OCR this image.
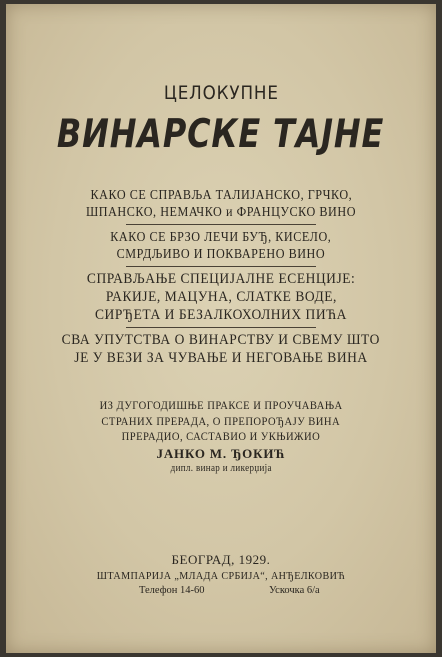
ЦЕЛОКУПНЕ
ВИНАРСКЕ ТАЈНЕ
КАКО СЕ СПРАВЉА ТАЛИЈАНСКО, ГРЧКО,
ШПАНСКО, НЕМАЧКО и ФРАНЦУСКО ВИНО
КАКО СЕ БРЗО ЛЕЧИ БУЂ, КИСЕЛО,
СМРДЉИВО И ПОКВАРЕНО ВИНО
СПРАВЉАЊЕ СПЕЦИЈАЛНЕ ЕСЕНЦИЈЕ:
РАКИЈЕ, МАЦУНА, СЛАТКЕ ВОДЕ,
СИРЂЕТА И БЕЗАЛКОХОЛНИХ ПИЋА
СВА УПУТСТВА О ВИНАРСТВУ И СВЕМУ ШТО
ЈЕ У ВЕЗИ ЗА ЧУВАЊЕ И НЕГОВАЊЕ ВИНА
ИЗ ДУГОГОДИШЊЕ ПРАКСЕ И ПРОУЧАВАЊА
СТРАНИХ ПРЕРАДА, О ПРЕПОРОЂАЈУ ВИНА
ПРЕРАДИО, САСТАВИО И УКЊИЖИО
ЈАНКО М. ЂОКИЋ
дипл. винар и ликерџија
БЕОГРАД, 1929.
ШТАМПАРИЈА „МЛАДА СРБИЈА“, АНЂЕЛКОВИЋ
Телефон 14-60	Ускочка 6/а
